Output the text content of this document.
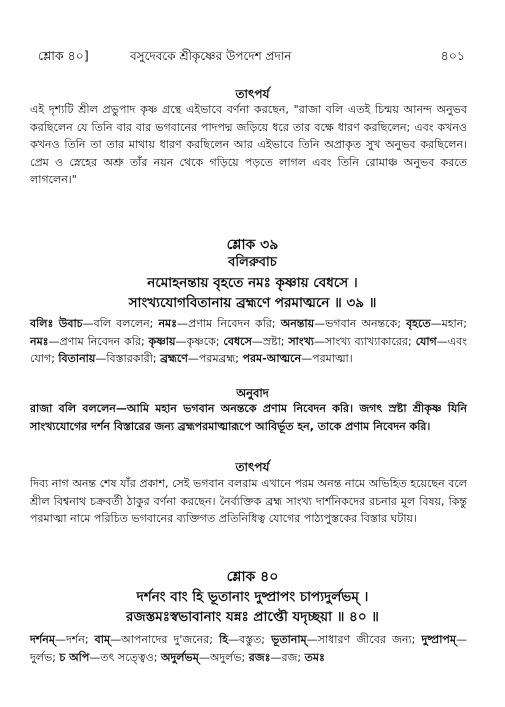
শ্লোক ৪০]	বসুদেবকে শ্রীকৃষ্ণের উপদেশ প্রদান	৪০১
তাৎপর্য
এই দৃশ্যটি শ্রীল প্রভুপাদ কৃষ্ণ গ্রন্থে এইভাবে বর্ণনা করছেন, "রাজা বলি এতই চিন্ময় আনন্দ অনুভব করছিলেন যে তিনি বার বার ভগবানের পাদপদ্ম জড়িয়ে ধরে তার বক্ষে ধারণ করছিলেন; এবং কখনও কখনও তিনি তা তার মাথায় ধারণ করছিলেন আর এইভাবে তিনি অপ্রাকৃত সুখ অনুভব করছিলেন। প্রেম ও স্নেহের অশ্রু তাঁর নয়ন থেকে গড়িয়ে পড়তে লাগল এবং তিনি রোমাঞ্চ অনুভব করতে লাগলেন।"
শ্লোক ৩৯
বলিরুবাচ
নমোহনন্তায় বৃহতে নমঃ কৃষ্ণায় বেধসে ।
সাংখ্যযোগবিতানায় ব্রহ্মণে পরমাত্মনে ॥ ৩৯ ॥
বলিঃ উবাচ—বলি বললেন; নমঃ—প্রণাম নিবেদন করি; অনন্তায়—ভগবান অনন্তকে; বৃহতে—মহান; নমঃ—প্রণাম নিবেদন করি; কৃষ্ণায়—কৃষ্ণকে; বেধসে—স্রষ্টা; সাংখ্য—সাংখ্য ব্যাখ্যাকারের; যোগ—এবং যোগ; বিতানায়—বিস্তারকারী; ব্রহ্মণে—পরমব্রহ্ম; পরম-আত্মনে—পরমাত্মা।
অনুবাদ
রাজা বলি বললেন—আমি মহান ভগবান অনন্তকে প্রণাম নিবেদন করি। জগৎ স্রষ্টা শ্রীকৃষ্ণ যিনি সাংখ্যযোগের দর্শন বিস্তারের জন্য ব্রহ্মপরমাত্মারূপে আবির্ভূত হন, তাকে প্রণাম নিবেদন করি।
তাৎপর্য
দিব্য নাগ অনন্ত শেষ যাঁর প্রকাশ, সেই ভগবান বলরাম এখানে পরম অনন্ত নামে অভিহিত হয়েছেন বলে শ্রীল বিশ্বনাথ চক্রবর্তী ঠাকুর বর্ণনা করছেন। নৈর্ব্যক্তিক ব্রহ্ম সাংখ্য দার্শনিকদের রচনার মূল বিষয়, কিন্তু পরমাত্মা নামে পরিচিত ভগবানের ব্যক্তিগত প্রতিনিধিত্ব যোগের পাঠ্যপুস্তকের বিস্তার ঘটায়।
শ্লোক ৪০
দর্শনং বাং হি ভূতানাং দুষ্প্রাপং চাপ্যদুর্লভম্ ।
রজস্তমঃস্বভাবানাং যন্নঃ প্রাপ্তৌ যদৃচ্ছয়া ॥ ৪০ ॥
দর্শনম্—দর্শন; বাম্—আপনাদের দু'জনের; হি—বস্তুত; ভূতানাম্—সাধারণ জীবের জন্য; দুষ্প্রাপম্—দুর্লভ; চ অপি—তৎ সত্ত্বেও; অদুর্লভম্—অদুর্লভ; রজঃ—রজ; তমঃ
